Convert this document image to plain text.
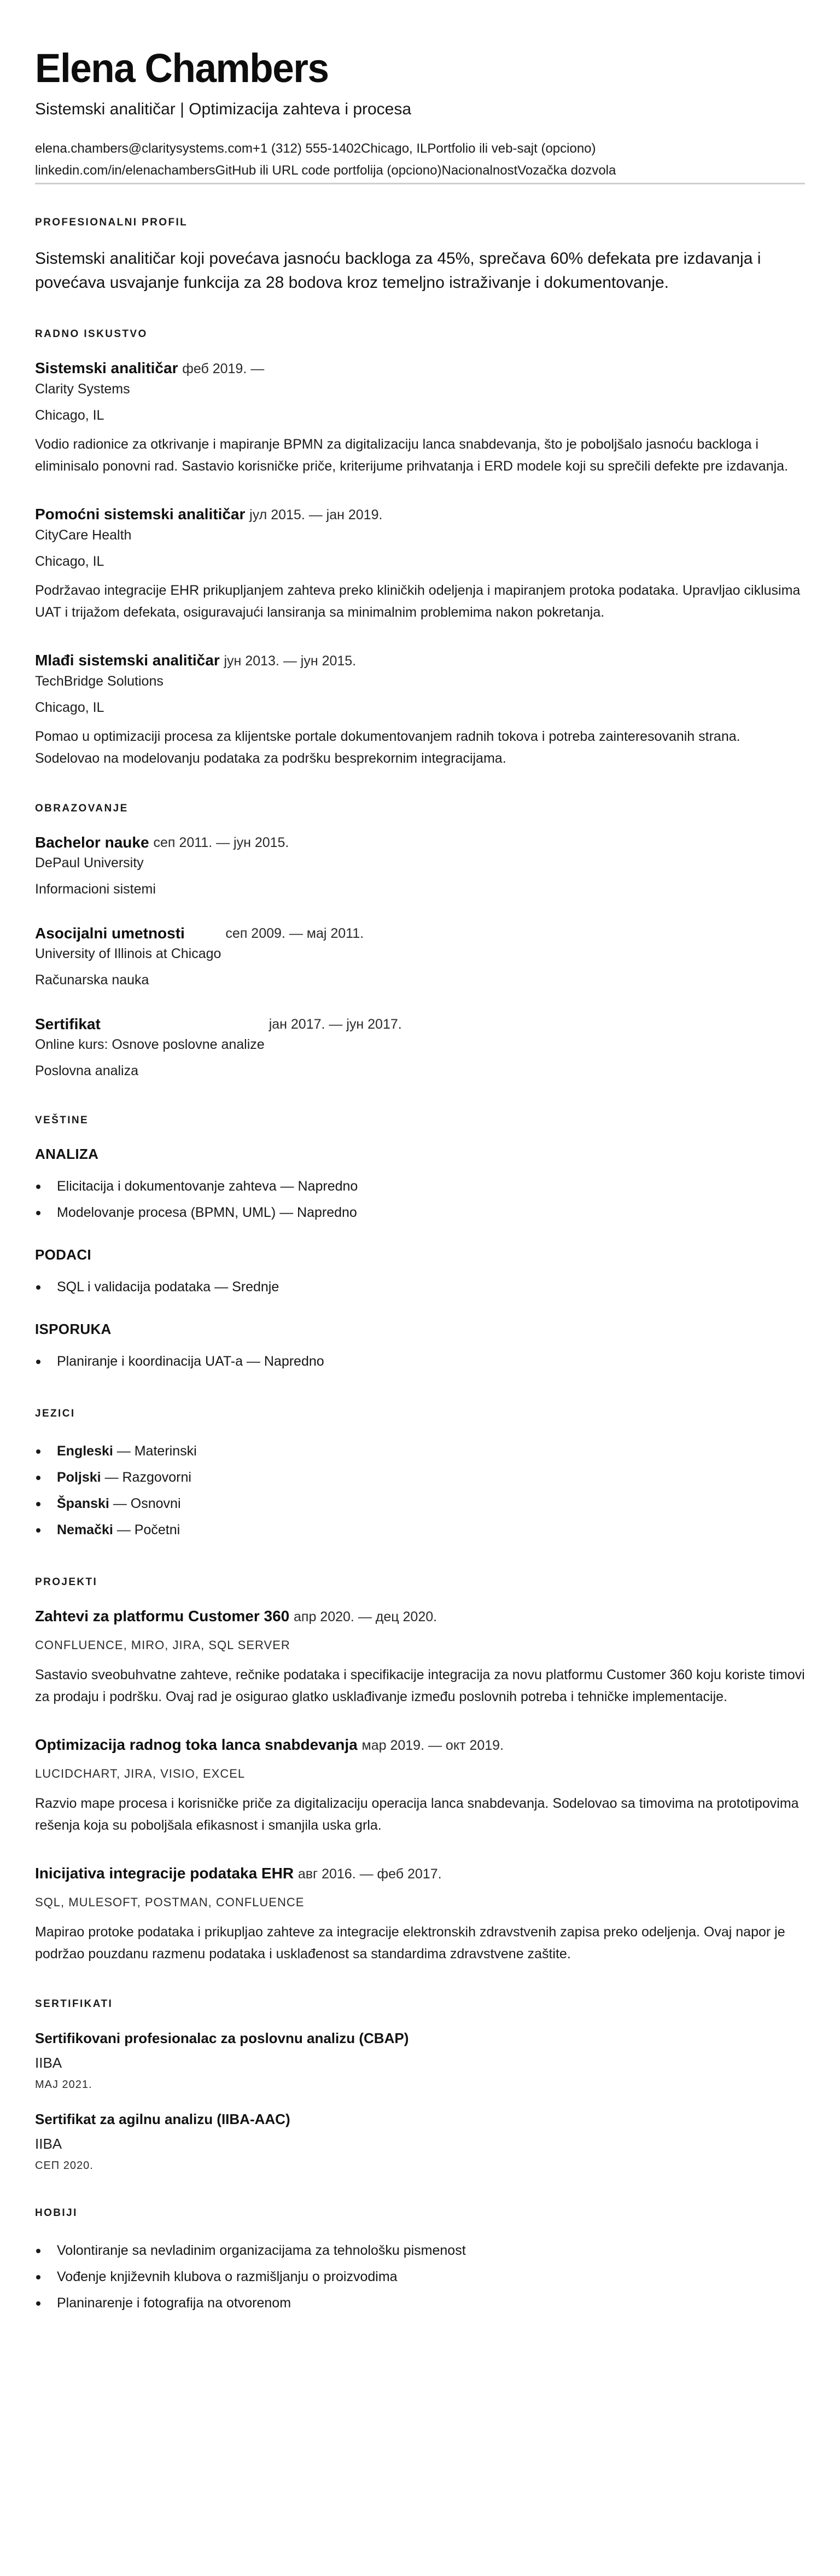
Elena Chambers
Sistemski analitičar | Optimizacija zahteva i procesa
elena.chambers@claritysystems.com+1 (312) 555-1402Chicago, ILPortfolio ili veb-sajt (opciono)
linkedin.com/in/elenachambersGitHub ili URL code portfolija (opciono)NacionalnostVozačka dozvola
PROFESIONALNI PROFIL

Sistemski analitičar koji povećava jasnoću backloga za 45%, sprečava 60% defekata pre izdavanja i povećava usvajanje funkcija za 28 bodova kroz temeljno istraživanje i dokumentovanje.

RADNO ISKUSTVO
Sistemski analitičar феб 2019. —
Clarity Systems
Chicago, IL

Vodio radionice za otkrivanje i mapiranje BPMN za digitalizaciju lanca snabdevanja, što je poboljšalo jasnoću backloga i eliminisalo ponovni rad. Sastavio korisničke priče, kriterijume prihvatanja i ERD modele koji su sprečili defekte pre izdavanja.

Pomoćni sistemski analitičar јул 2015. — јан 2019.
CityCare Health
Chicago, IL

Podržavao integracije EHR prikupljanjem zahteva preko kliničkih odeljenja i mapiranjem protoka podataka. Upravljao ciklusima UAT i trijažom defekata, osiguravajući lansiranja sa minimalnim problemima nakon pokretanja.

Mlađi sistemski analitičar јун 2013. — јун 2015.
TechBridge Solutions
Chicago, IL

Pomao u optimizaciji procesa za klijentske portale dokumentovanjem radnih tokova i potreba zainteresovanih strana. Sodelovao na modelovanju podataka za podršku besprekornim integracijama.

OBRAZOVANJE
Bachelor nauke
DePaul University
сеп 2011. — јун 2015.
Informacioni sistemi
Asocijalni umetnosti
University of Illinois at Chicago
сеп 2009. — мај 2011.
Računarska nauka
Sertifikat
Online kurs: Osnove poslovne analize
јан 2017. — јун 2017.
Poslovna analiza
VEŠTINE
ANALIZA
Elicitacija i dokumentovanje zahteva — Napredno
Modelovanje procesa (BPMN, UML) — Napredno
PODACI
SQL i validacija podataka — Srednje
ISPORUKA
Planiranje i koordinacija UAT-a — Napredno
JEZICI
Engleski — Materinski
Poljski — Razgovorni
Španski — Osnovni
Nemački — Početni
PROJEKTI
Zahtevi za platformu Customer 360 апр 2020. — дец 2020.
CONFLUENCE, MIRO, JIRA, SQL SERVER

Sastavio sveobuhvatne zahteve, rečnike podataka i specifikacije integracija za novu platformu Customer 360 koju koriste timovi za prodaju i podršku. Ovaj rad je osigurao glatko usklađivanje između poslovnih potreba i tehničke implementacije.

Optimizacija radnog toka lanca snabdevanja мар 2019. — окт 2019.
LUCIDCHART, JIRA, VISIO, EXCEL

Razvio mape procesa i korisničke priče za digitalizaciju operacija lanca snabdevanja. Sodelovao sa timovima na prototipovima rešenja koja su poboljšala efikasnost i smanjila uska grla.

Inicijativa integracije podataka EHR авг 2016. — феб 2017.
SQL, MULESOFT, POSTMAN, CONFLUENCE

Mapirao protoke podataka i prikupljao zahteve za integracije elektronskih zdravstvenih zapisa preko odeljenja. Ovaj napor je podržao pouzdanu razmenu podataka i usklađenost sa standardima zdravstvene zaštite.

SERTIFIKATI
Sertifikovani profesionalac za poslovnu analizu (CBAP)
IIBA
МАЈ 2021.
Sertifikat za agilnu analizu (IIBA-AAC)
IIBA
СЕП 2020.
HOBIJI
Volontiranje sa nevladinim organizacijama za tehnološku pismenost
Vođenje književnih klubova o razmišljanju o proizvodima
Planinarenje i fotografija na otvorenom
